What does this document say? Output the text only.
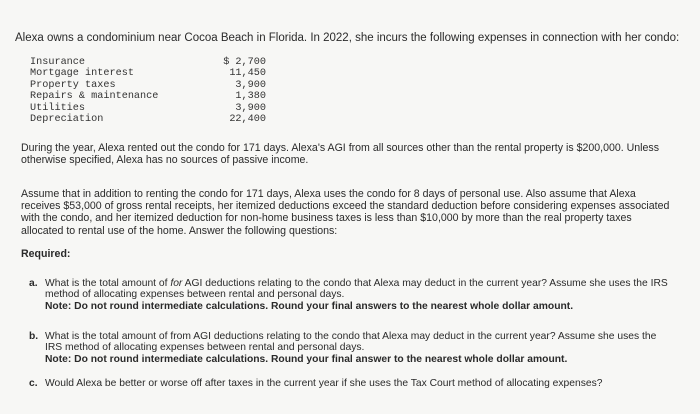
Alexa owns a condominium near Cocoa Beach in Florida. In 2022, she incurs the following expenses in connection with her condo:
Insurance	$ 2,700
Mortgage interest	11,450
Property taxes	3,900
Repairs & maintenance	1,380
Utilities	3,900
Depreciation	22,400
During the year, Alexa rented out the condo for 171 days. Alexa's AGI from all sources other than the rental property is $200,000. Unless otherwise specified, Alexa has no sources of passive income.
Assume that in addition to renting the condo for 171 days, Alexa uses the condo for 8 days of personal use. Also assume that Alexa receives $53,000 of gross rental receipts, her itemized deductions exceed the standard deduction before considering expenses associated with the condo, and her itemized deduction for non-home business taxes is less than $10,000 by more than the real property taxes allocated to rental use of the home. Answer the following questions:
Required:
a. What is the total amount of for AGI deductions relating to the condo that Alexa may deduct in the current year? Assume she uses the IRS method of allocating expenses between rental and personal days.
Note: Do not round intermediate calculations. Round your final answers to the nearest whole dollar amount.
b. What is the total amount of from AGI deductions relating to the condo that Alexa may deduct in the current year? Assume she uses the IRS method of allocating expenses between rental and personal days.
Note: Do not round intermediate calculations. Round your final answer to the nearest whole dollar amount.
c. Would Alexa be better or worse off after taxes in the current year if she uses the Tax Court method of allocating expenses?
